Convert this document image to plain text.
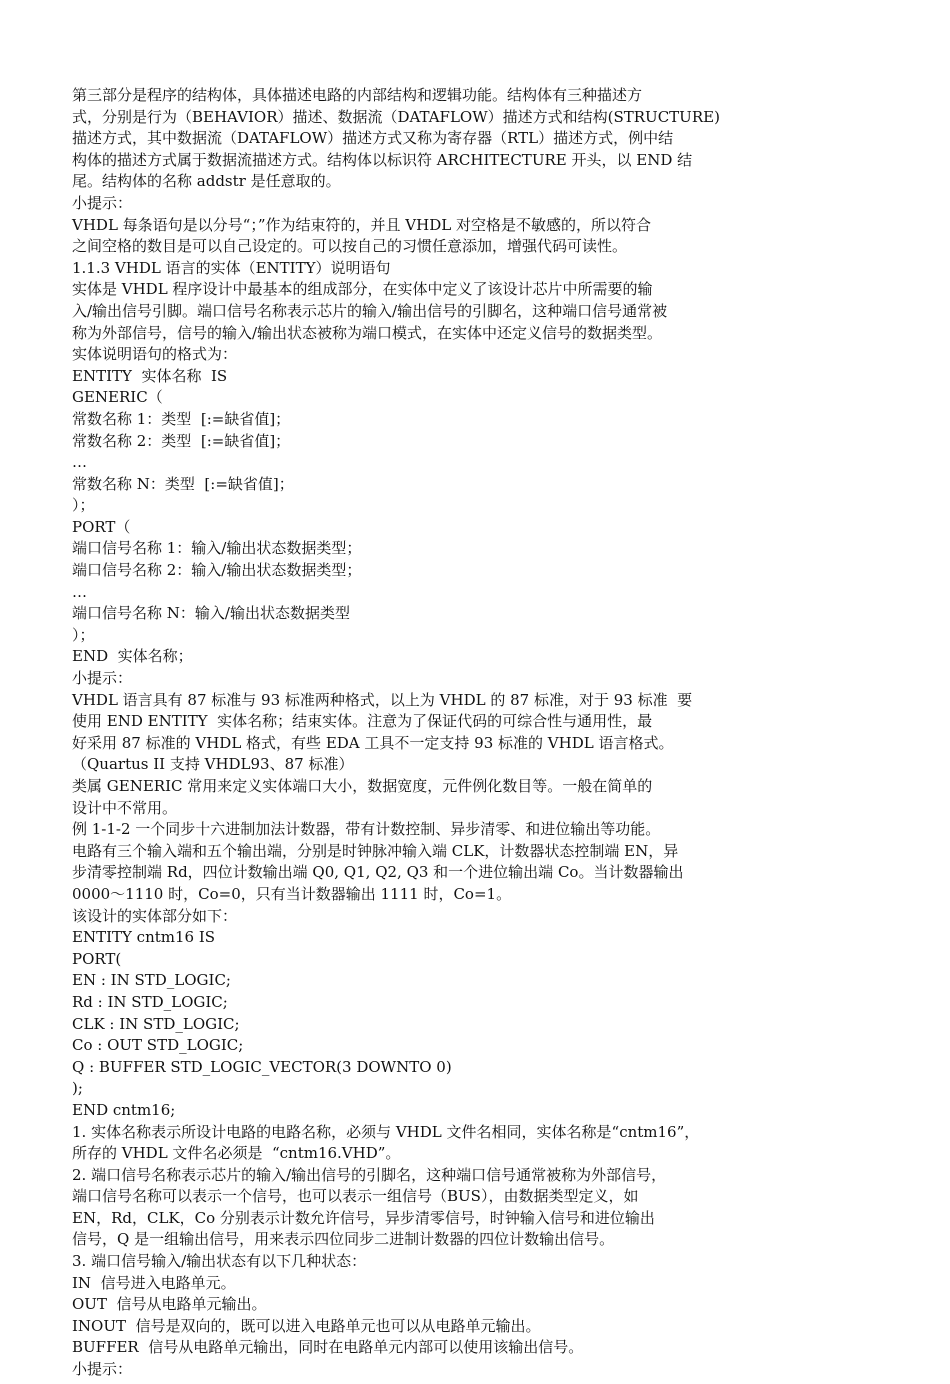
第三部分是程序的结构体，具体描述电路的内部结构和逻辑功能。结构体有三种描述方
式，分别是行为（BEHAVIOR）描述、数据流（DATAFLOW）描述方式和结构(STRUCTURE)
描述方式，其中数据流（DATAFLOW）描述方式又称为寄存器（RTL）描述方式，例中结
构体的描述方式属于数据流描述方式。结构体以标识符 ARCHITECTURE 开头，以 END 结
尾。结构体的名称 addstr 是任意取的。
小提示：
VHDL 每条语句是以分号“；”作为结束符的，并且 VHDL 对空格是不敏感的，所以符合
之间空格的数目是可以自己设定的。可以按自己的习惯任意添加，增强代码可读性。
1.1.3 VHDL 语言的实体（ENTITY）说明语句
实体是 VHDL 程序设计中最基本的组成部分，在实体中定义了该设计芯片中所需要的输
入/输出信号引脚。端口信号名称表示芯片的输入/输出信号的引脚名，这种端口信号通常被
称为外部信号，信号的输入/输出状态被称为端口模式，在实体中还定义信号的数据类型。
实体说明语句的格式为：
ENTITY  实体名称  IS
GENERIC（
常数名称 1：类型  [:=缺省值]；
常数名称 2：类型  [:=缺省值]；
…
常数名称 N：类型  [:=缺省值]；
）；
PORT（
端口信号名称 1：输入/输出状态数据类型；
端口信号名称 2：输入/输出状态数据类型；
…
端口信号名称 N：输入/输出状态数据类型
）；
END  实体名称；
小提示：
VHDL 语言具有 87 标准与 93 标准两种格式，以上为 VHDL 的 87 标准，对于 93 标准  要
使用 END ENTITY  实体名称；结束实体。注意为了保证代码的可综合性与通用性，最
好采用 87 标准的 VHDL 格式，有些 EDA 工具不一定支持 93 标准的 VHDL 语言格式。
（Quartus II 支持 VHDL93、87 标准）
类属 GENERIC 常用来定义实体端口大小，数据宽度，元件例化数目等。一般在简单的
设计中不常用。
例 1-1-2 一个同步十六进制加法计数器，带有计数控制、异步清零、和进位输出等功能。
电路有三个输入端和五个输出端，分别是时钟脉冲输入端 CLK，计数器状态控制端 EN，异
步清零控制端 Rd，四位计数输出端 Q0, Q1, Q2, Q3 和一个进位输出端 Co。当计数器输出
0000～1110 时，Co=0，只有当计数器输出 1111 时，Co=1。
该设计的实体部分如下：
ENTITY cntm16 IS
PORT(
EN : IN STD_LOGIC;
Rd : IN STD_LOGIC;
CLK : IN STD_LOGIC;
Co : OUT STD_LOGIC;
Q : BUFFER STD_LOGIC_VECTOR(3 DOWNTO 0)
);
END cntm16;
1. 实体名称表示所设计电路的电路名称，必须与 VHDL 文件名相同，实体名称是“cntm16”，
所存的 VHDL 文件名必须是  “cntm16.VHD”。
2. 端口信号名称表示芯片的输入/输出信号的引脚名，这种端口信号通常被称为外部信号，
端口信号名称可以表示一个信号，也可以表示一组信号（BUS），由数据类型定义，如
EN，Rd，CLK，Co 分别表示计数允许信号，异步清零信号，时钟输入信号和进位输出
信号，Q 是一组输出信号，用来表示四位同步二进制计数器的四位计数输出信号。
3. 端口信号输入/输出状态有以下几种状态：
IN  信号进入电路单元。
OUT  信号从电路单元输出。
INOUT  信号是双向的，既可以进入电路单元也可以从电路单元输出。
BUFFER  信号从电路单元输出，同时在电路单元内部可以使用该输出信号。
小提示：
